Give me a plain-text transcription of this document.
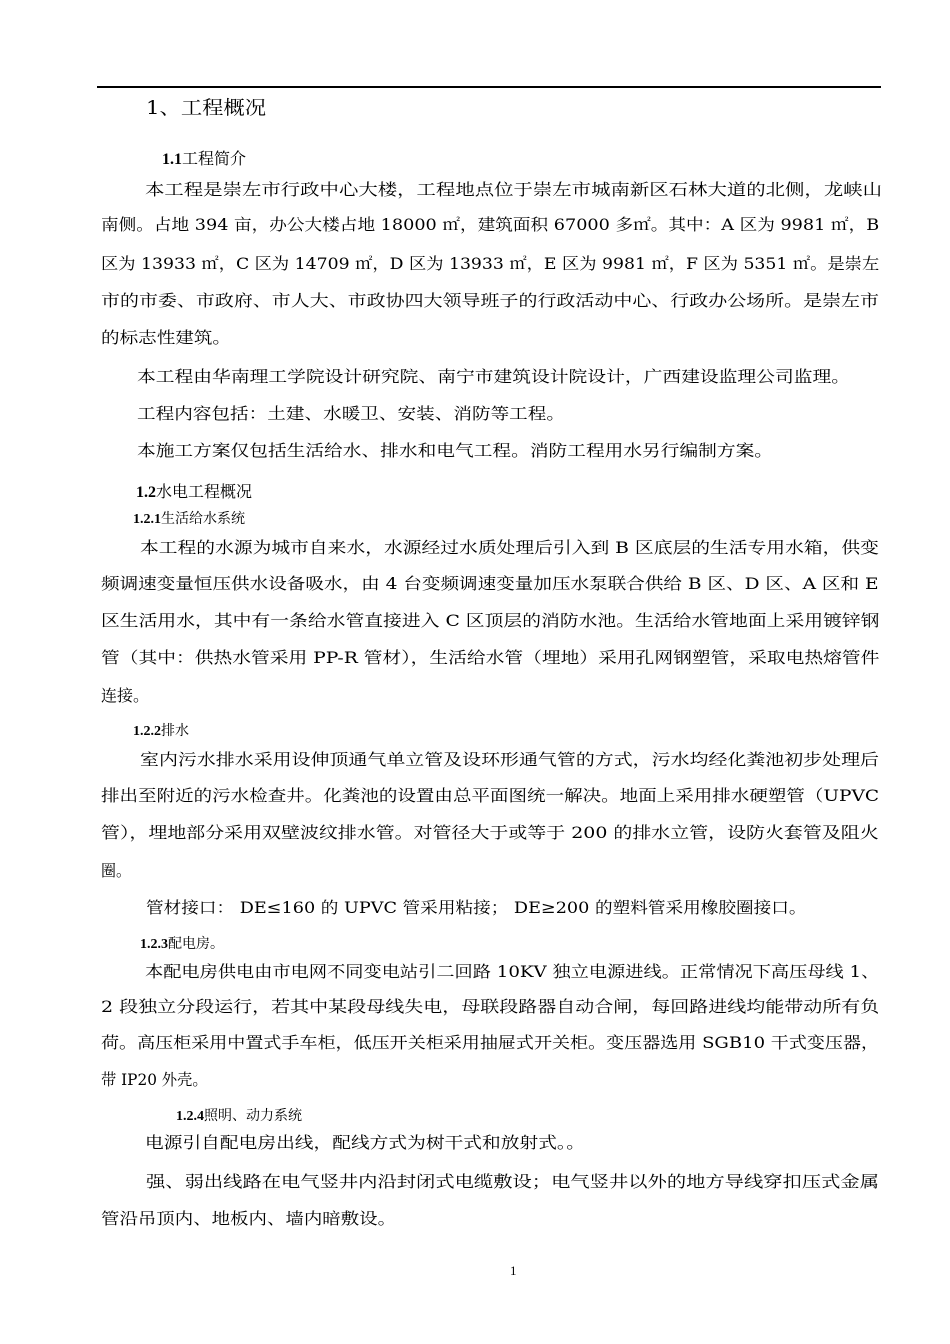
1、工程概况
1.1工程简介
本工程是崇左市行政中心大楼，工程地点位于崇左市城南新区石林大道的北侧，龙峡山
南侧。占地 394 亩，办公大楼占地 18000 ㎡，建筑面积 67000 多㎡。其中：A 区为 9981 ㎡，B
区为 13933 ㎡，C 区为 14709 ㎡，D 区为 13933 ㎡，E 区为 9981 ㎡，F 区为 5351 ㎡。是崇左
市的市委、市政府、市人大、市政协四大领导班子的行政活动中心、行政办公场所。是崇左市
的标志性建筑。
本工程由华南理工学院设计研究院、南宁市建筑设计院设计，广西建设监理公司监理。
工程内容包括：土建、水暖卫、安装、消防等工程。
本施工方案仅包括生活给水、排水和电气工程。消防工程用水另行编制方案。
1.2水电工程概况
1.2.1生活给水系统
本工程的水源为城市自来水，水源经过水质处理后引入到 B 区底层的生活专用水箱，供变
频调速变量恒压供水设备吸水，由 4 台变频调速变量加压水泵联合供给 B 区、D 区、A 区和 E
区生活用水，其中有一条给水管直接进入 C 区顶层的消防水池。生活给水管地面上采用镀锌钢
管（其中：供热水管采用 PP-R 管材），生活给水管（埋地）采用孔网钢塑管，采取电热熔管件
连接。
1.2.2排水
室内污水排水采用设伸顶通气单立管及设环形通气管的方式，污水均经化粪池初步处理后
排出至附近的污水检查井。化粪池的设置由总平面图统一解决。地面上采用排水硬塑管（UPVC
管），埋地部分采用双壁波纹排水管。对管径大于或等于 200 的排水立管，设防火套管及阻火
圈。
管材接口： DE≤160 的 UPVC 管采用粘接； DE≥200 的塑料管采用橡胶圈接口。
1.2.3配电房。
本配电房供电由市电网不同变电站引二回路 10KV 独立电源进线。正常情况下高压母线 1、
2 段独立分段运行，若其中某段母线失电，母联段路器自动合闸，每回路进线均能带动所有负
荷。高压柜采用中置式手车柜，低压开关柜采用抽屉式开关柜。变压器选用 SGB10 干式变压器，
带 IP20 外壳。
1.2.4照明、动力系统
电源引自配电房出线，配线方式为树干式和放射式。。
强、弱出线路在电气竖井内沿封闭式电缆敷设；电气竖井以外的地方导线穿扣压式金属
管沿吊顶内、地板内、墙内暗敷设。
1
